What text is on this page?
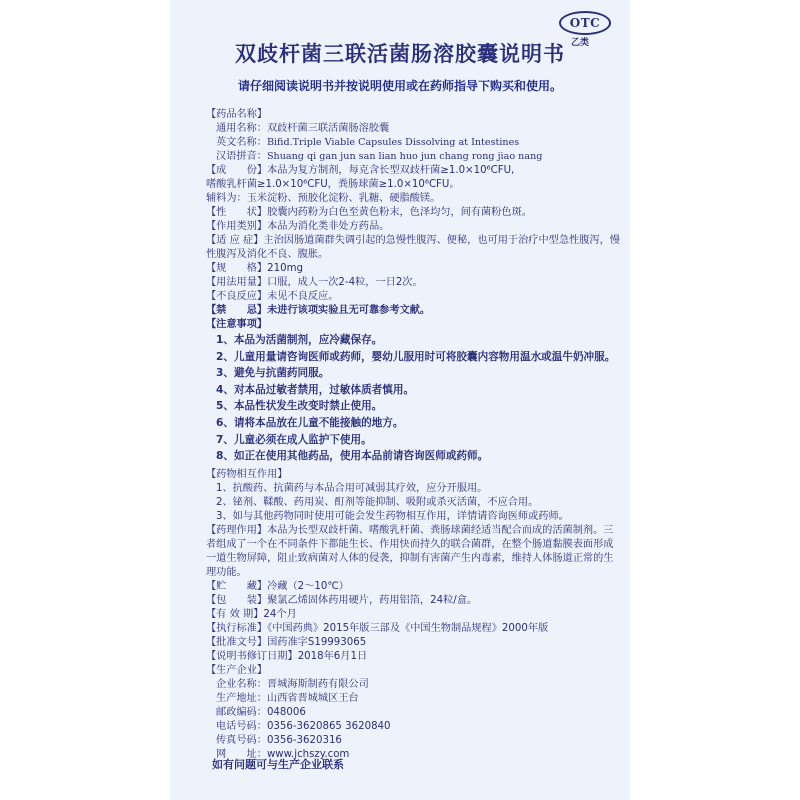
OTC
乙类
双歧杆菌三联活菌肠溶胶囊说明书
请仔细阅读说明书并按说明使用或在药师指导下购买和使用。
【药品名称】
通用名称：双歧杆菌三联活菌肠溶胶囊
英文名称：Bifid.Triple Viable Capsules Dissolving at Intestines
汉语拼音：Shuang qi gan jun san lian huo jun chang rong jiao nang
【成　　份】本品为复方制剂，每克含长型双歧杆菌≥1.0×10⁶CFU,
嗜酸乳杆菌≥1.0×10⁶CFU，粪肠球菌≥1.0×10⁶CFU。
辅料为：玉米淀粉、预胶化淀粉、乳糖、硬脂酸镁。
【性　　状】胶囊内药粉为白色至黄色粉末，色泽均匀，间有菌粉色斑。
【作用类别】本品为消化类非处方药品。
【适 应 症】主治因肠道菌群失调引起的急慢性腹泻、便秘，也可用于治疗中型急性腹泻，慢性腹泻及消化不良、腹胀。
【规　　格】210mg
【用法用量】口服，成人一次2-4粒，一日2次。
【不良反应】未见不良反应。
【禁　　忌】未进行该项实验且无可靠参考文献。
【注意事项】
1、本品为活菌制剂，应冷藏保存。
2、儿童用量请咨询医师或药师，婴幼儿服用时可将胶囊内容物用温水或温牛奶冲服。
3、避免与抗菌药同服。
4、对本品过敏者禁用，过敏体质者慎用。
5、本品性状发生改变时禁止使用。
6、请将本品放在儿童不能接触的地方。
7、儿童必须在成人监护下使用。
8、如正在使用其他药品，使用本品前请咨询医师或药师。
【药物相互作用】
1、抗酸药、抗菌药与本品合用可减弱其疗效，应分开服用。
2、铋剂、鞣酸、药用炭、酊剂等能抑制、吸附或杀灭活菌，不应合用。
3、如与其他药物同时使用可能会发生药物相互作用，详情请咨询医师或药师。
【药理作用】本品为长型双歧杆菌、嗜酸乳杆菌、粪肠球菌经适当配合而成的活菌制剂。三者组成了一个在不同条件下都能生长、作用快而持久的联合菌群，在整个肠道黏膜表面形成一道生物屏障，阻止致病菌对人体的侵袭，抑制有害菌产生内毒素，维持人体肠道正常的生理功能。
【贮　　藏】冷藏（2～10℃）
【包　　装】聚氯乙烯固体药用硬片，药用铝箔，24粒/盒。
【有 效 期】24个月
【执行标准】《中国药典》2015年版三部及《中国生物制品规程》2000年版
【批准文号】国药准字S19993065
【说明书修订日期】2018年6月1日
【生产企业】
企业名称：晋城海斯制药有限公司
生产地址：山西省晋城城区王台
邮政编码：048006
电话号码：0356-3620865 3620840
传真号码：0356-3620316
网　　址：www.jchszy.com
如有问题可与生产企业联系
